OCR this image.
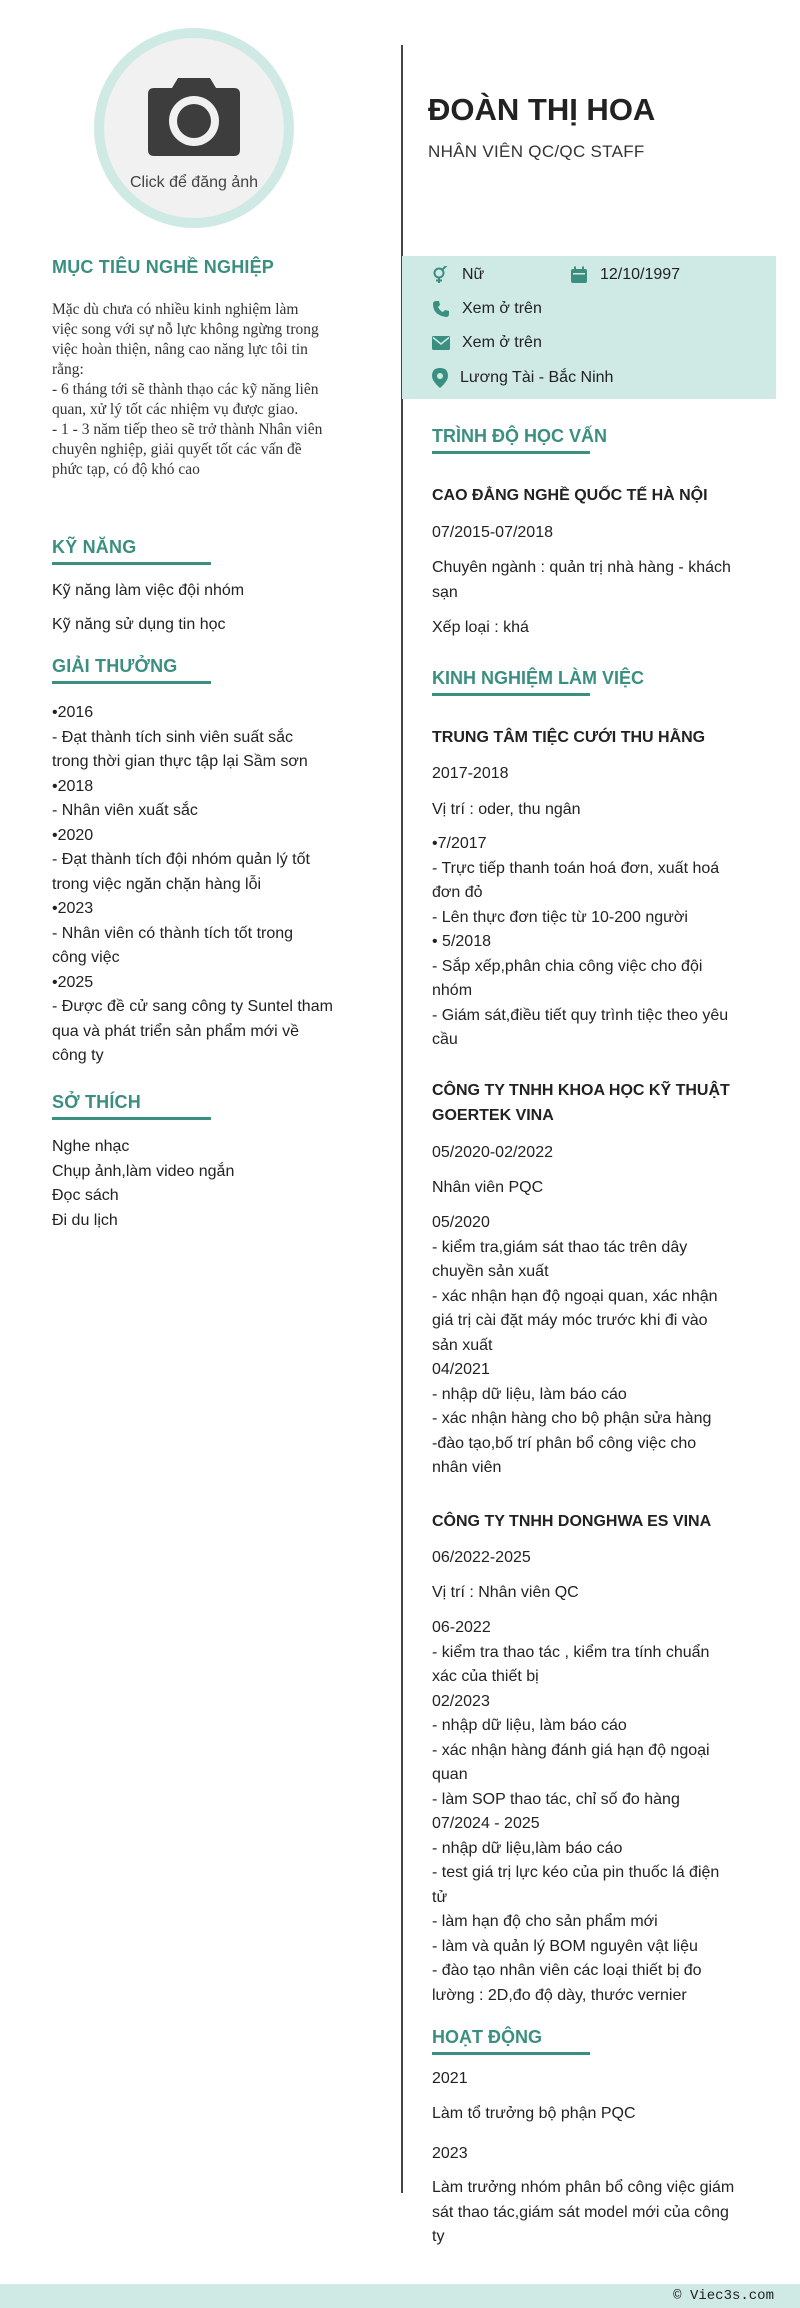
Click để đăng ảnh
MỤC TIÊU NGHỀ NGHIỆP
Mặc dù chưa có nhiều kinh nghiệm làm
việc song với sự nỗ lực không ngừng trong
việc hoàn thiện, nâng cao năng lực tôi tin
rằng:
- 6 tháng tới sẽ thành thạo các kỹ năng liên
quan, xử lý tốt các nhiệm vụ được giao.
- 1 - 3 năm tiếp theo sẽ trở thành Nhân viên
chuyên nghiệp, giải quyết tốt các vấn đề
phức tạp, có độ khó cao
KỸ NĂNG
Kỹ năng làm việc đội nhóm
Kỹ năng sử dụng tin học
GIẢI THƯỞNG
•2016
- Đạt thành tích sinh viên suất sắc
trong thời gian thực tập lại Sầm sơn
•2018
- Nhân viên xuất sắc
•2020
- Đạt thành tích đội nhóm quản lý tốt
trong việc ngăn chặn hàng lỗi
•2023
- Nhân viên có thành tích tốt trong
công việc
•2025
- Được đề cử sang công ty Suntel tham
qua và phát triển sản phẩm mới về
công ty
SỞ THÍCH
Nghe nhạc
Chụp ảnh,làm video ngắn
Đọc sách
Đi du lịch
ĐOÀN THỊ HOA
NHÂN VIÊN QC/QC STAFF
Nữ	12/10/1997
Xem ở trên
Xem ở trên
Lương Tài - Bắc Ninh
TRÌNH ĐỘ HỌC VẤN
CAO ĐẲNG NGHỀ QUỐC TẾ HÀ NỘI
07/2015-07/2018
Chuyên ngành : quản trị nhà hàng - khách
sạn
Xếp loại : khá
KINH NGHIỆM LÀM VIỆC
TRUNG TÂM TIỆC CƯỚI THU HẰNG
2017-2018
Vị trí : oder, thu ngân
•7/2017
- Trực tiếp thanh toán hoá đơn, xuất hoá
đơn đỏ
- Lên thực đơn tiệc từ 10-200 người
• 5/2018
- Sắp xếp,phân chia công việc cho đội
nhóm
- Giám sát,điều tiết quy trình tiệc theo yêu
cầu
CÔNG TY TNHH KHOA HỌC KỸ THUẬT
GOERTEK VINA
05/2020-02/2022
Nhân viên PQC
05/2020
- kiểm tra,giám sát thao tác trên dây
chuyền sản xuất
- xác nhận hạn độ ngoại quan, xác nhận
giá trị cài đặt máy móc trước khi đi vào
sản xuất
04/2021
- nhập dữ liệu, làm báo cáo
- xác nhận hàng cho bộ phận sửa hàng
-đào tạo,bố trí phân bổ công việc cho
nhân viên
CÔNG TY TNHH DONGHWA ES VINA
06/2022-2025
Vị trí : Nhân viên QC
06-2022
- kiểm tra thao tác , kiểm tra tính chuẩn
xác của thiết bị
02/2023
- nhập dữ liệu, làm báo cáo
- xác nhận hàng đánh giá hạn độ ngoại
quan
- làm SOP thao tác, chỉ số đo hàng
07/2024 - 2025
- nhập dữ liệu,làm báo cáo
- test giá trị lực kéo của pin thuốc lá điện
tử
- làm hạn độ cho sản phẩm mới
- làm và quản lý BOM nguyên vật liệu
- đào tạo nhân viên các loại thiết bị đo
lường : 2D,đo độ dày, thước vernier
HOẠT ĐỘNG
2021
Làm tổ trưởng bộ phận PQC
2023
Làm trưởng nhóm phân bổ công việc giám
sát thao tác,giám sát model mới của công
ty
© Viec3s.com
